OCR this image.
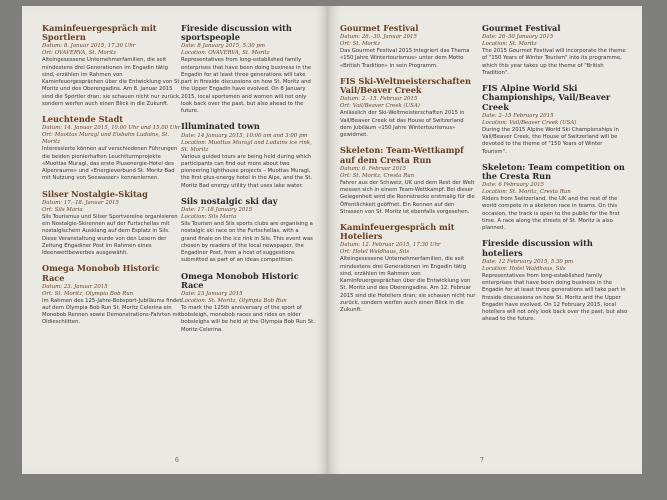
Kaminfeuergespräch mit Sportlern
Datum: 8. Januar 2015, 17.30 Uhr
Ort: OVAVERVA, St. Moritz

Alteingesessene Unternehmerfamilien, die seit mindestens drei Generationen im Engadin tätig sind, erzählen im Rahmen von Kaminfeuergesprächen über die Entwicklung von St. Moritz und des Oberengadins. Am 8. Januar 2015 sind die Sportler dran; sie schauen nicht nur zurück, sondern werfen auch einen Blick in die Zukunft.

Leuchtende Stadt
Datum: 14. Januar 2015, 10.00 Uhr und 15.00 Uhr
Ort: Muottas Muragl und Eisbahn Ludains, St. Moritz

Interessierte können auf verschiedenen Führungen die beiden pionierhaften Leuchtturmprojekte «Muottas Muragl, das erste Plusenergie-Hotel des Alpenraums» und «Energieverbund St. Moritz Bad mit Nutzung von Seewasser» kennenlernen.

Silser Nostalgie-Skitag
Datum: 17.–18. Januar 2015
Ort: Sils Maria

Sils Tourismus und Silser Sportvereine organisieren ein Nostalgie-Skirennen auf der Furtschellas mit nostalgischem Ausklang auf dem Esplatz in Sils. Diese Veranstaltung wurde von den Lesern der Zeitung Engadiner Post im Rahmen eines Ideenwettbewerbes ausgewählt.

Omega Monobob Historic Race
Datum: 23. Januar 2015
Ort: St. Moritz, Olympia Bob Run

Im Rahmen des 125-Jahre-Bobsport-Jubiläums findet auf dem Olympia Bob Run St. Moritz Celerina ein Monobob Rennen sowie Demonstrations-Fahrten mit Oldieschlitten.

Fireside discussion with sportspeople
Date: 8 January 2015, 5:30 pm
Location: OVAVERVA, St. Moritz

Representatives from long-established family enterprises that have been doing business in the Engadin for at least three generations will take part in fireside discussions on how St. Moritz and the Upper Engadin have evolved. On 8 January 2015, local sportsmen and women will not only look back over the past, but also ahead to the future.

Illuminated town
Date: 14 January 2015, 10:00 am and 3:00 pm
Location: Muottas Muragl and Ludains ice rink, St. Moritz

Various guided tours are being held during which participants can find out more about two pioneering lighthouse projects – Muottas Muragl, the first plus-energy hotel in the Alps, and the St. Moritz Bad energy utility that uses lake water.

Sils nostalgic ski day
Date: 17–18 January 2015
Location: Sils Maria

Sils Tourism and Sils sports clubs are organising a nostalgic ski race on the Furtschellas, with a grand finale on the ice rink in Sils. This event was chosen by readers of the local newspaper, the Engadiner Post, from a host of suggestions submitted as part of an ideas competition.

Omega Monobob Historic Race
Date: 23 January 2015
Location: St. Moritz, Olympia Bob Run

To mark the 125th anniversary of the sport of bobsleigh, monobob races and rides on older bobsleighs will be held at the Olympia Bob Run St. Moritz-Celerina.

6
Gourmet Festival
Datum: 26.–30. Januar 2015
Ort: St. Moritz

Das Gourmet Festival 2015 integriert das Thema «150 Jahre Wintertourismus» unter dem Motto «British Tradition» in sein Programm.

FIS Ski-Weltmeisterschaften Vail/Beaver Creek
Datum: 2.–15. Februar 2015
Ort: Vail/Beaver Creek (USA)

Anlässlich der Ski-Weltmeisterschaften 2015 in Vail/Beaver Creek ist das House of Switzerland dem Jubiläum «150 Jahre Wintertourismus» gewidmet.

Skeleton: Team-Wettkampf auf dem Cresta Run
Datum: 6. Februar 2015
Ort: St. Moritz, Cresta Run

Fahrer aus der Schweiz, UK und dem Rest der Welt messen sich in einem Team-Wettkampf. Bei dieser Gelegenheit wird die Rennstrecke erstmalig für die Öffentlichkeit geöffnet. Ein Rennen auf den Strassen von St. Moritz ist ebenfalls vorgesehen.

Kaminfeuergespräch mit Hoteliers
Datum: 12. Februar 2015, 17.30 Uhr
Ort: Hotel Waldhaus, Sils

Alteingesessene Unternehmerfamilien, die seit mindestens drei Generationen im Engadin tätig sind, erzählen im Rahmen von Kaminfeuergesprächen über die Entwicklung von St. Moritz und des Oberengadins. Am 12. Februar 2015 sind die Hoteliers dran; sie schauen nicht nur zurück, sondern werfen auch einen Blick in die Zukunft.

Gourmet Festival
Date: 26–30 January 2015
Location: St. Moritz

The 2015 Gourmet Festival will incorporate the theme of "150 Years of Winter Tourism" into its programme, which this year takes up the theme of "British Tradition".

FIS Alpine World Ski Championships, Vail/Beaver Creek
Date: 2–15 February 2015
Location: Vail/Beaver Creek (USA)

During the 2015 Alpine World Ski Championships in Vail/Beaver Creek, the House of Switzerland will be devoted to the theme of "150 Years of Winter Tourism".

Skeleton: Team competition on the Cresta Run
Date: 6 February 2015
Location: St. Moritz, Cresta Run

Riders from Switzerland, the UK and the rest of the world compete in a skeleton race in teams. On this occasion, the track is open to the public for the first time. A race along the streets of St. Moritz is also planned.

Fireside discussion with hoteliers
Date: 12 February 2015, 5.30 pm
Location: Hotel Waldhaus, Sils

Representatives from long-established family enterprises that have been doing business in the Engadin for at least three generations will take part in fireside discussions on how St. Moritz and the Upper Engadin have evolved. On 12 February 2015, local hoteliers will not only look back over the past, but also ahead to the future.

7
